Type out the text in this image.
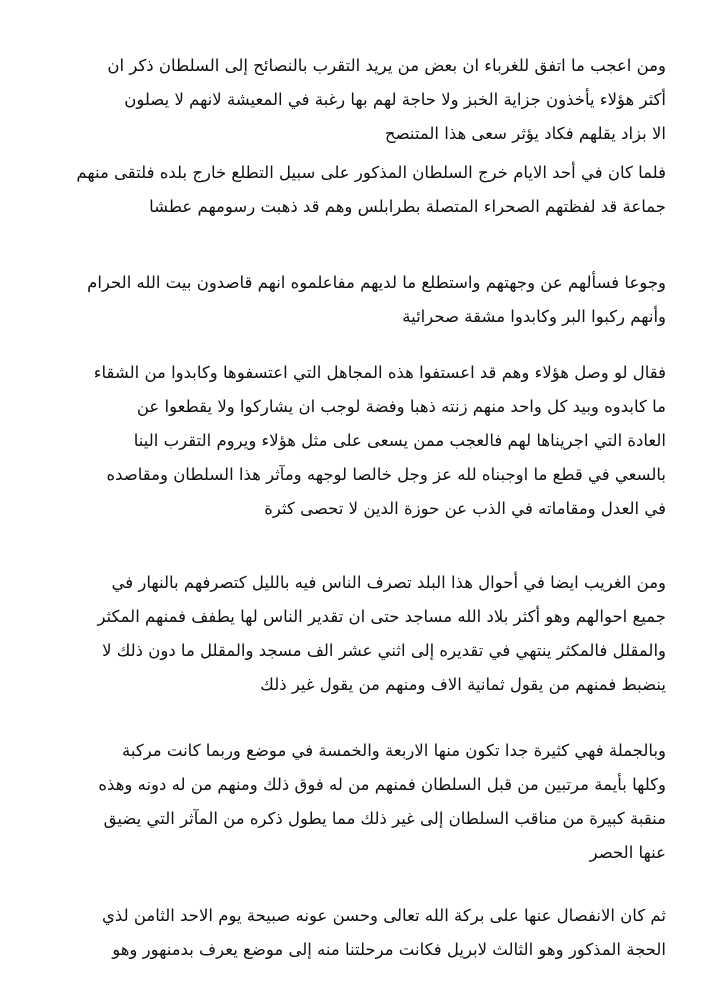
ومن اعجب ما اتفق للغرباء ان بعض من يريد التقرب بالنصائح إلى السلطان ذكر ان
أكثر هؤلاء يأخذون جزاية الخبز ولا حاجة لهم بها رغبة في المعيشة لانهم لا يصلون
الا بزاد يقلهم فكاد يؤثر سعى هذا المتنصح
فلما كان في أحد الايام خرج السلطان المذكور على سبيل التطلع خارج بلده فلتقى منهم
جماعة قد لفظتهم الصحراء المتصلة بطرابلس وهم قد ذهبت رسومهم عطشا
وجوعا فسألهم عن وجهتهم واستطلع ما لديهم مفاعلموه انهم قاصدون بيت الله الحرام
وأنهم ركبوا البر وكابدوا مشقة صحرائية
فقال لو وصل هؤلاء وهم قد اعستفوا هذه المجاهل التي اعتسفوها وكابدوا من الشقاء
ما كابدوه وبيد كل واحد منهم زنته ذهبا وفضة لوجب ان يشاركوا ولا يقطعوا عن
العادة التي اجريناها لهم فالعجب ممن يسعى على مثل هؤلاء ويروم التقرب الينا
بالسعي في قطع ما اوجبناه لله عز وجل خالصا لوجهه ومآثر هذا السلطان ومقاصده
في العدل ومقاماته في الذب عن حوزة الدين لا تحصى كثرة
ومن الغريب ايضا في أحوال هذا البلد تصرف الناس فيه بالليل كتصرفهم بالنهار في
جميع احوالهم وهو أكثر بلاد الله مساجد حتى ان تقدير الناس لها يطفف فمنهم المكثر
والمقلل فالمكثر ينتهي في تقديره إلى اثني عشر الف مسجد والمقلل ما دون ذلك لا
ينضبط فمنهم من يقول ثمانية الاف ومنهم من يقول غير ذلك
وبالجملة فهي كثيرة جدا تكون منها الاربعة والخمسة في موضع وربما كانت مركبة
وكلها بأيمة مرتبين من قبل السلطان فمنهم من له فوق ذلك ومنهم من له دونه وهذه
منقبة كبيرة من مناقب السلطان إلى غير ذلك مما يطول ذكره من المآثر التي يضيق
عنها الحصر
ثم كان الانفصال عنها على بركة الله تعالى وحسن عونه صبيحة يوم الاحد الثامن لذي
الحجة المذكور وهو الثالث لابريل فكانت مرحلتنا منه إلى موضع يعرف بدمنهور وهو
